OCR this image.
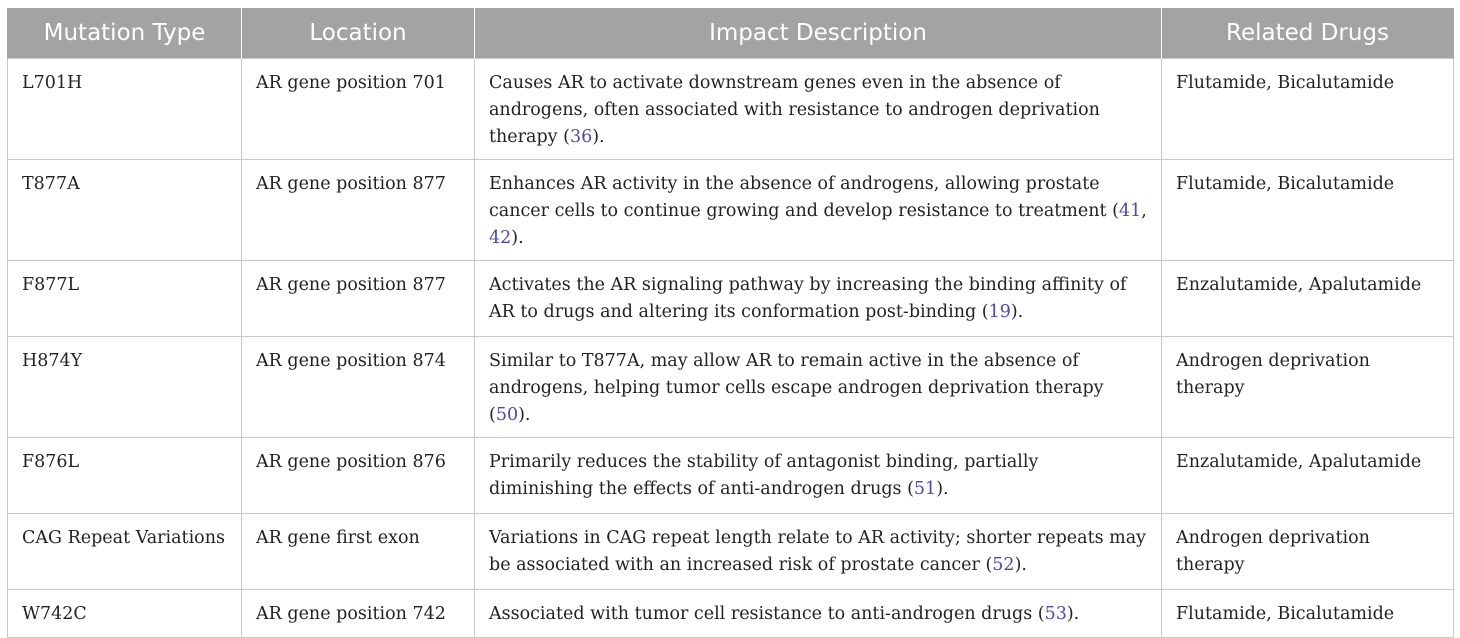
Mutation Type	Location	Impact Description	Related Drugs
L701H	AR gene position 701	Causes AR to activate downstream genes even in the absence of androgens, often associated with resistance to androgen deprivation therapy (36).	Flutamide, Bicalutamide
T877A	AR gene position 877	Enhances AR activity in the absence of androgens, allowing prostate cancer cells to continue growing and develop resistance to treatment (41, 42).	Flutamide, Bicalutamide
F877L	AR gene position 877	Activates the AR signaling pathway by increasing the binding affinity of AR to drugs and altering its conformation post-binding (19).	Enzalutamide, Apalutamide
H874Y	AR gene position 874	Similar to T877A, may allow AR to remain active in the absence of androgens, helping tumor cells escape androgen deprivation therapy (50).	Androgen deprivation therapy
F876L	AR gene position 876	Primarily reduces the stability of antagonist binding, partially diminishing the effects of anti-androgen drugs (51).	Enzalutamide, Apalutamide
CAG Repeat Variations	AR gene first exon	Variations in CAG repeat length relate to AR activity; shorter repeats may be associated with an increased risk of prostate cancer (52).	Androgen deprivation therapy
W742C	AR gene position 742	Associated with tumor cell resistance to anti-androgen drugs (53).	Flutamide, Bicalutamide
